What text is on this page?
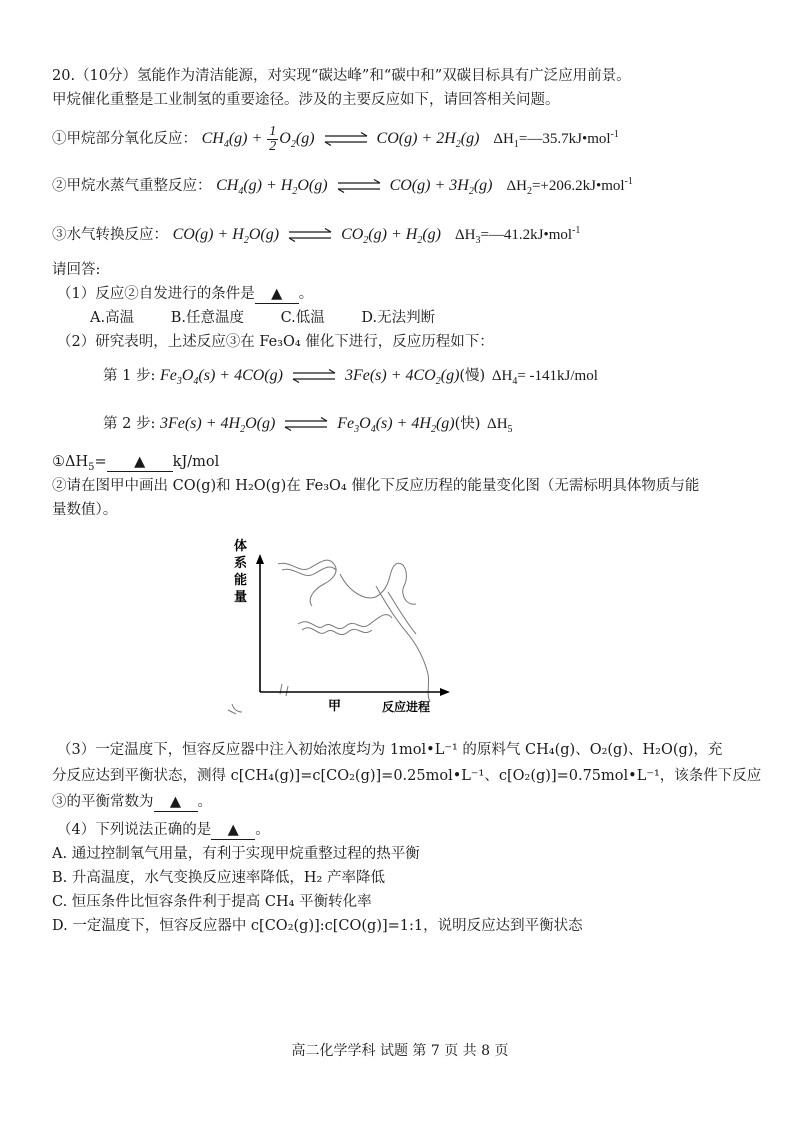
20.（10分）氢能作为清洁能源，对实现“碳达峰”和“碳中和”双碳目标具有广泛应用前景。
甲烷催化重整是工业制氢的重要途径。涉及的主要反应如下，请回答相关问题。
①甲烷部分氧化反应： $CH_4(g) + \frac{1}{2} O_2(g)$ ⇌ $CO(g) + 2H_2(g)$ $\Delta H_1=—35.7kJ•mol^{-1}$
②甲烷水蒸气重整反应： $CH_4(g) + H_2O(g)$ ⇌ $CO(g) + 3H_2(g)$ $\Delta H_2=+206.2kJ•mol^{-1}$
③水气转换反应： $CO(g) + H_2O(g)$ ⇌ $CO_2(g) + H_2(g)$ $\Delta H_3=—41.2kJ•mol^{-1}$
请回答:
（1）反应②自发进行的条件是 ▲ 。
A.高温	B.任意温度	C.低温	D.无法判断
（2）研究表明，上述反应③在 Fe₃O₄ 催化下进行，反应历程如下：
第 1 步: $Fe_3O_4(s) + 4CO(g)$ ⇌ $3Fe(s) + 4CO_2(g)$(慢) $\Delta H_4= -141kJ/mol$
第 2 步: $3Fe(s) + 4H_2O(g)$ ⇌ $Fe_3O_4(s) + 4H_2(g)$(快) $\Delta H_5$
$①\Delta H_5=$ ▲ kJ/mol
②请在图甲中画出 CO(g)和 H₂O(g)在 Fe₃O₄ 催化下反应历程的能量变化图（无需标明具体物质与能
量数值）。
体
系
能
量
甲	反应进程
（3）一定温度下，恒容反应器中注入初始浓度均为 1mol•L⁻¹ 的原料气 CH₄(g)、O₂(g)、H₂O(g)，充
分反应达到平衡状态，测得 c[CH₄(g)]=c[CO₂(g)]=0.25mol•L⁻¹、c[O₂(g)]=0.75mol•L⁻¹，该条件下反应
③的平衡常数为 ▲ 。
（4）下列说法正确的是 ▲ 。
A. 通过控制氧气用量，有利于实现甲烷重整过程的热平衡
B. 升高温度，水气变换反应速率降低，H₂ 产率降低
C. 恒压条件比恒容条件利于提高 CH₄ 平衡转化率
D. 一定温度下，恒容反应器中 c[CO₂(g)]:c[CO(g)]=1:1，说明反应达到平衡状态
高二化学学科 试题 第 7 页 共 8 页
